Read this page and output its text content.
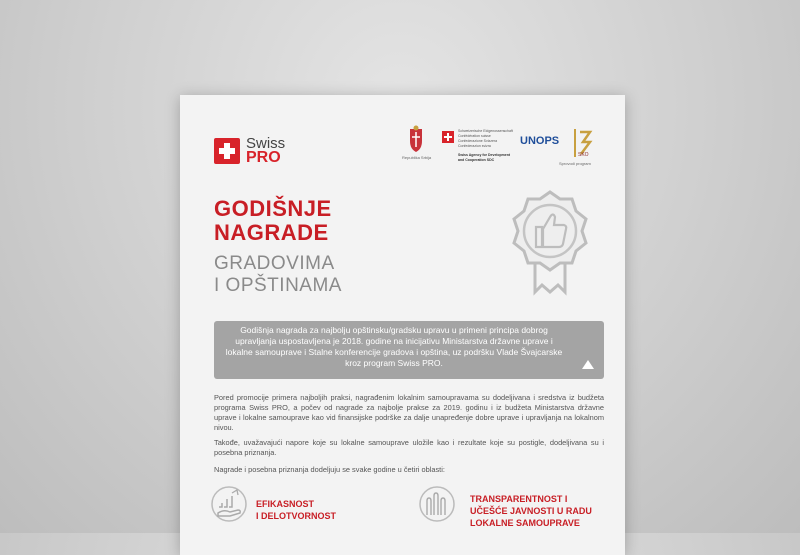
Swiss
PRO	Republika Srbija
Schweizerische Eidgenossenschaft
Confédération suisse
Confederazione Svizzera
Confederaziun svizra
Swiss Agency for Development
and Cooperation SDC
UNOPS
SKO
Sprovodi program
GODIŠNJE
NAGRADE
GRADOVIMA
I OPŠTINAMA
Godišnja nagrada za najbolju opštinsku/gradsku upravu u primeni principa dobrog upravljanja uspostavljena je 2018. godine na inicijativu Ministarstva državne uprave i lokalne samouprave i Stalne konferencije gradova i opština, uz podršku Vlade Švajcarske kroz program Swiss PRO.
Pored promocije primera najboljih praksi, nagrađenim lokalnim samoupravama su dodeljivana i sredstva iz budžeta programa Swiss PRO, a počev od nagrade za najbolje prakse za 2019. godinu i iz budžeta Ministarstva državne uprave i lokalne samouprave kao vid finansijske podrške za dalje unapređenje dobre uprave i upravljanja na lokalnom nivou.
Takođe, uvažavajući napore koje su lokalne samouprave uložile kao i rezultate koje su postigle, dodeljivana su i posebna priznanja.
Nagrade i posebna priznanja dodeljuju se svake godine u četiri oblasti:
EFIKASNOST
I DELOTVORNOST
TRANSPARENTNOST I
UČEŠĆE JAVNOSTI U RADU
LOKALNE SAMOUPRAVE
